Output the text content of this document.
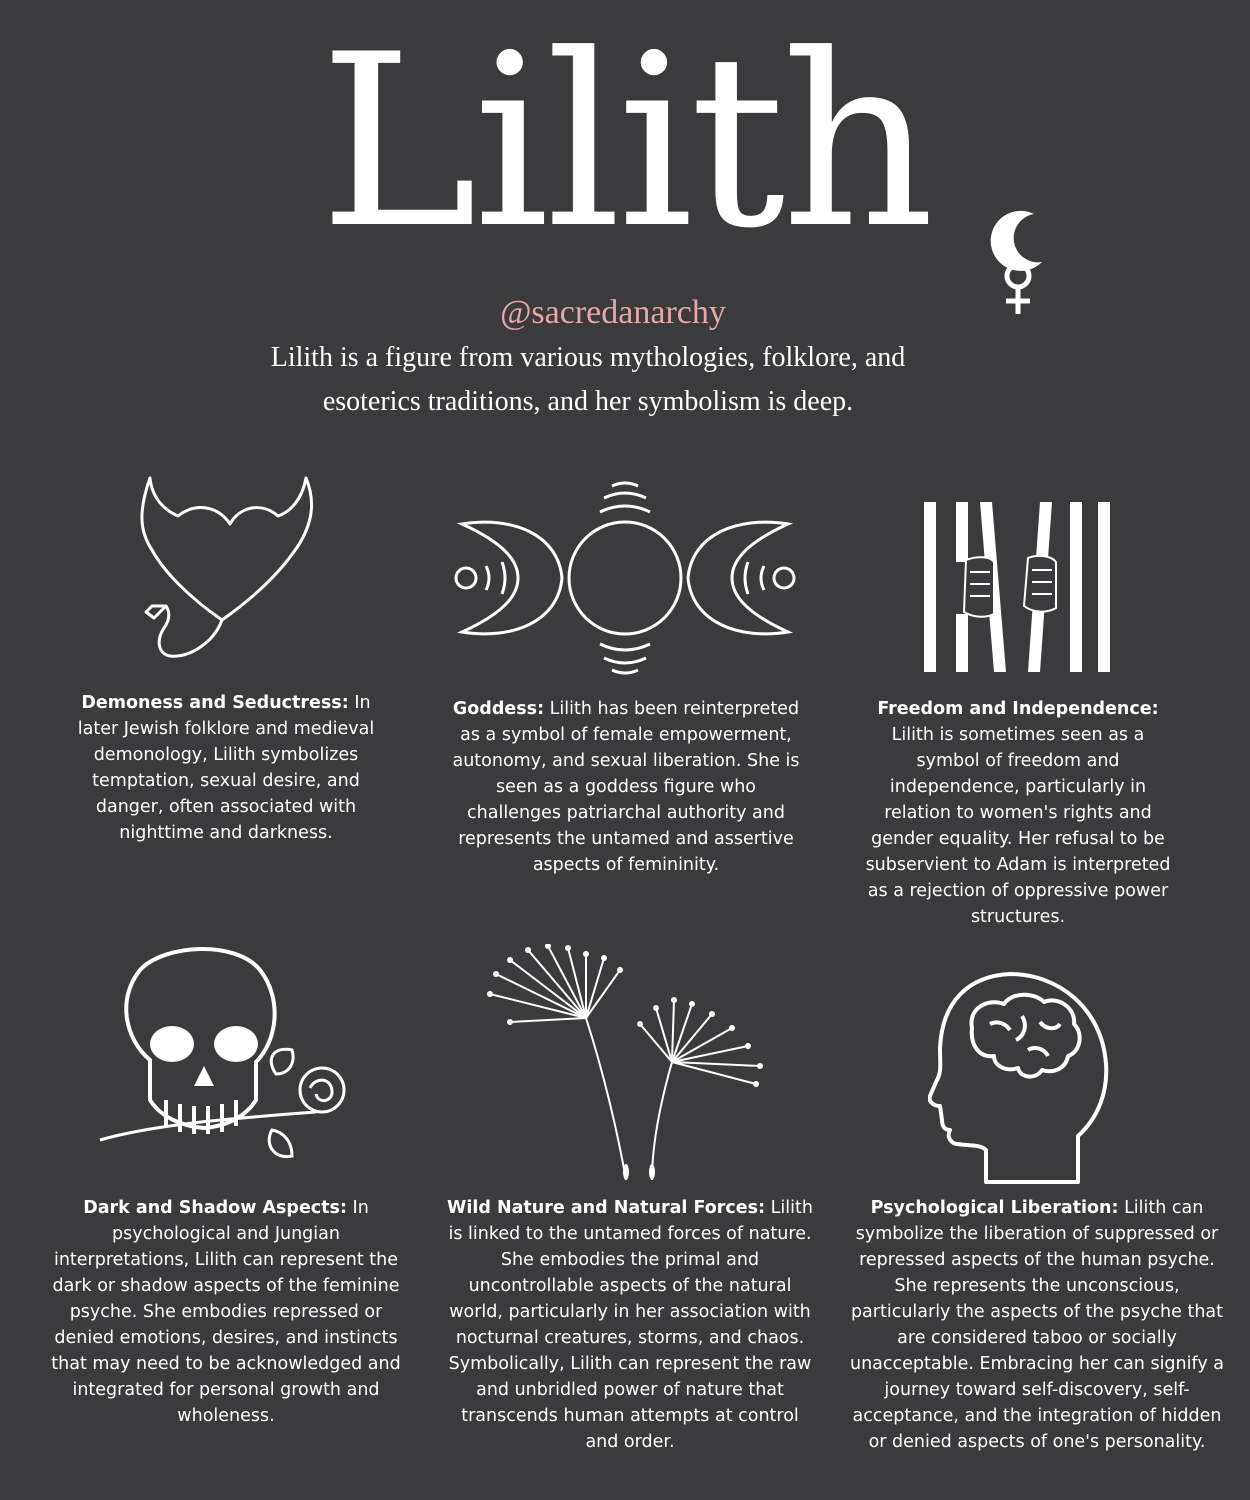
Lilith
@sacredanarchy
Lilith is a figure from various mythologies, folklore, and esoterics traditions, and her symbolism is deep.
Demoness and Seductress: In later Jewish folklore and medieval demonology, Lilith symbolizes temptation, sexual desire, and danger, often associated with nighttime and darkness.
Goddess: Lilith has been reinterpreted as a symbol of female empowerment, autonomy, and sexual liberation. She is seen as a goddess figure who challenges patriarchal authority and represents the untamed and assertive aspects of femininity.
Freedom and Independence: Lilith is sometimes seen as a symbol of freedom and independence, particularly in relation to women's rights and gender equality. Her refusal to be subservient to Adam is interpreted as a rejection of oppressive power structures.
Dark and Shadow Aspects: In psychological and Jungian interpretations, Lilith can represent the dark or shadow aspects of the feminine psyche. She embodies repressed or denied emotions, desires, and instincts that may need to be acknowledged and integrated for personal growth and wholeness.
Wild Nature and Natural Forces: Lilith is linked to the untamed forces of nature. She embodies the primal and uncontrollable aspects of the natural world, particularly in her association with nocturnal creatures, storms, and chaos. Symbolically, Lilith can represent the raw and unbridled power of nature that transcends human attempts at control and order.
Psychological Liberation: Lilith can symbolize the liberation of suppressed or repressed aspects of the human psyche. She represents the unconscious, particularly the aspects of the psyche that are considered taboo or socially unacceptable. Embracing her can signify a journey toward self-discovery, self-acceptance, and the integration of hidden or denied aspects of one's personality.
